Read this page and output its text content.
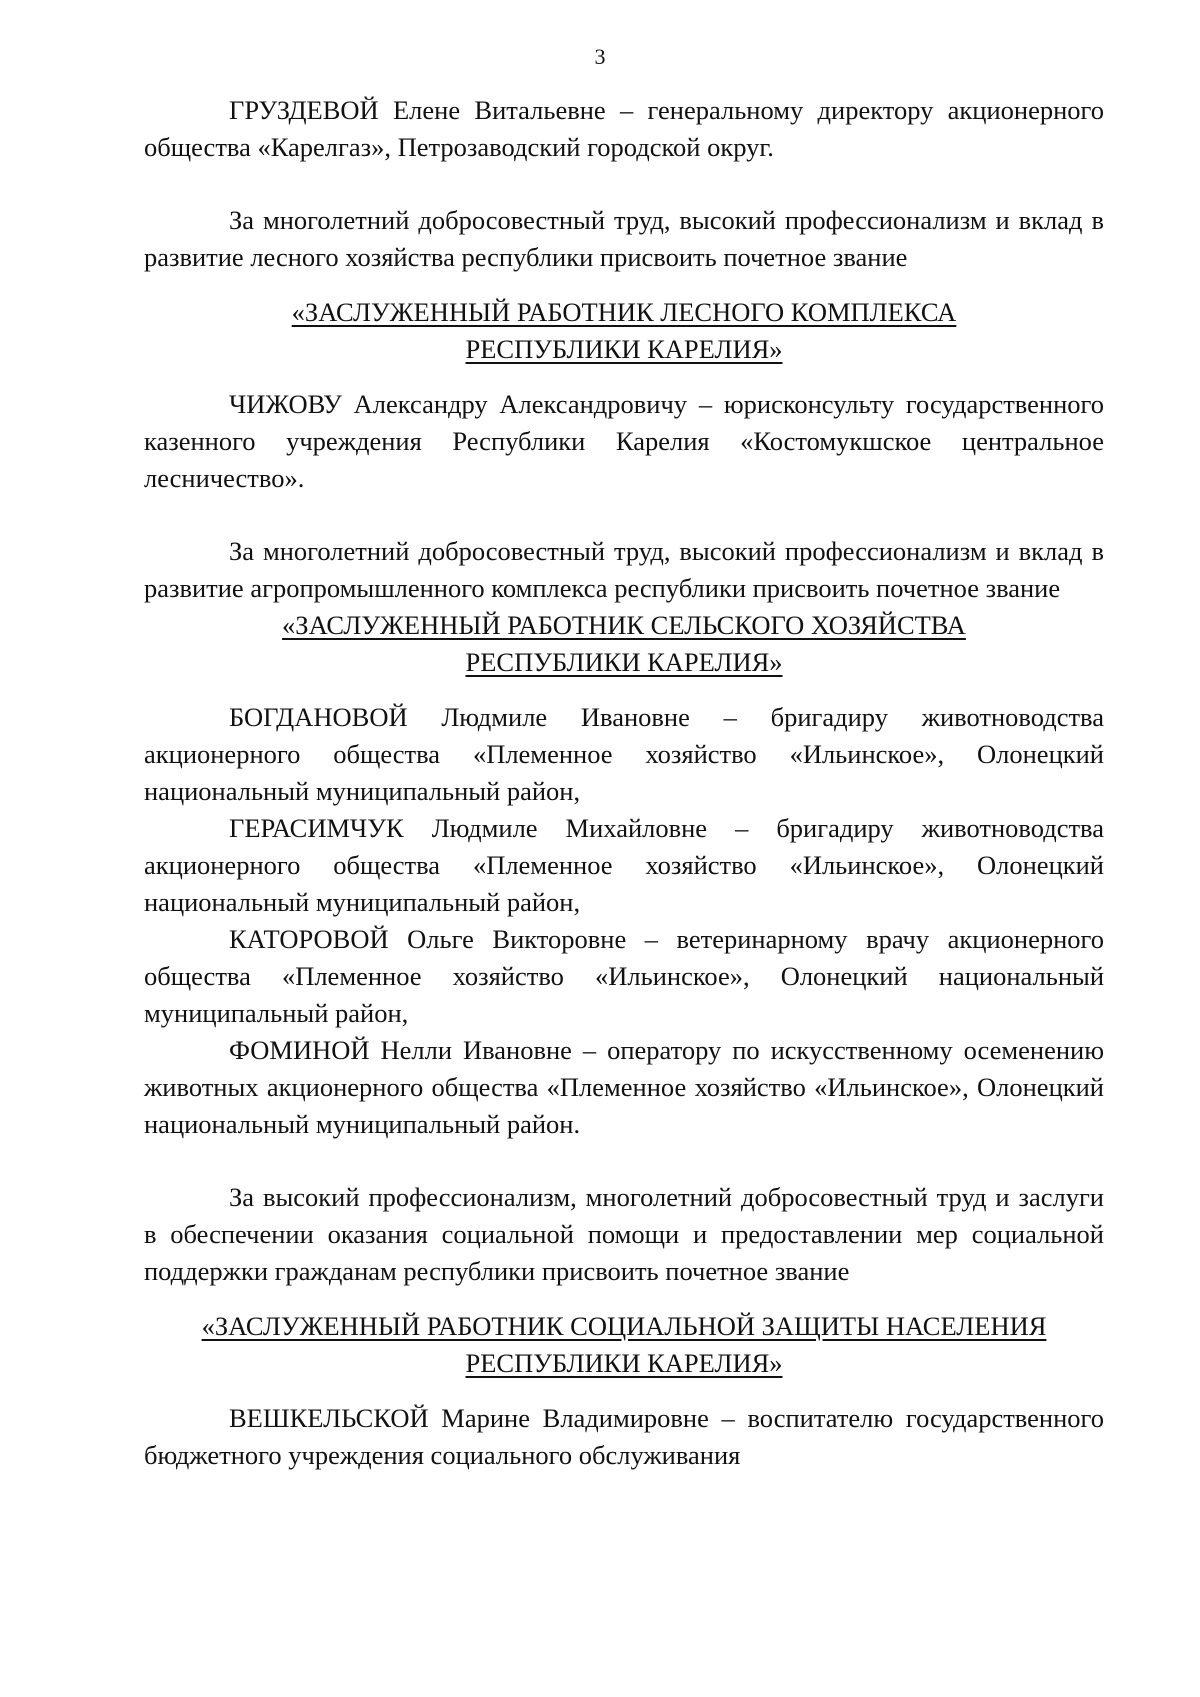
3

ГРУЗДЕВОЙ Елене Витальевне – генеральному директору акционерного общества «Карелгаз», Петрозаводский городской округ.

За многолетний добросовестный труд, высокий профессионализм и вклад в развитие лесного хозяйства республики присвоить почетное звание

«ЗАСЛУЖЕННЫЙ РАБОТНИК ЛЕСНОГО КОМПЛЕКСА
РЕСПУБЛИКИ КАРЕЛИЯ»

ЧИЖОВУ Александру Александровичу – юрисконсульту государственного казенного учреждения Республики Карелия «Костомукшское центральное лесничество».

За многолетний добросовестный труд, высокий профессионализм и вклад в развитие агропромышленного комплекса республики присвоить почетное звание

«ЗАСЛУЖЕННЫЙ РАБОТНИК СЕЛЬСКОГО ХОЗЯЙСТВА
РЕСПУБЛИКИ КАРЕЛИЯ»

БОГДАНОВОЙ Людмиле Ивановне – бригадиру животноводства акционерного общества «Племенное хозяйство «Ильинское», Олонецкий национальный муниципальный район,

ГЕРАСИМЧУК Людмиле Михайловне – бригадиру животноводства акционерного общества «Племенное хозяйство «Ильинское», Олонецкий национальный муниципальный район,

КАТОРОВОЙ Ольге Викторовне – ветеринарному врачу акционерного общества «Племенное хозяйство «Ильинское», Олонецкий национальный муниципальный район,

ФОМИНОЙ Нелли Ивановне – оператору по искусственному осеменению животных акционерного общества «Племенное хозяйство «Ильинское», Олонецкий национальный муниципальный район.

За высокий профессионализм, многолетний добросовестный труд и заслуги в обеспечении оказания социальной помощи и предоставлении мер социальной поддержки гражданам республики присвоить почетное звание

«ЗАСЛУЖЕННЫЙ РАБОТНИК СОЦИАЛЬНОЙ ЗАЩИТЫ НАСЕЛЕНИЯ
РЕСПУБЛИКИ КАРЕЛИЯ»

ВЕШКЕЛЬСКОЙ Марине Владимировне – воспитателю государственного бюджетного учреждения социального обслуживания
